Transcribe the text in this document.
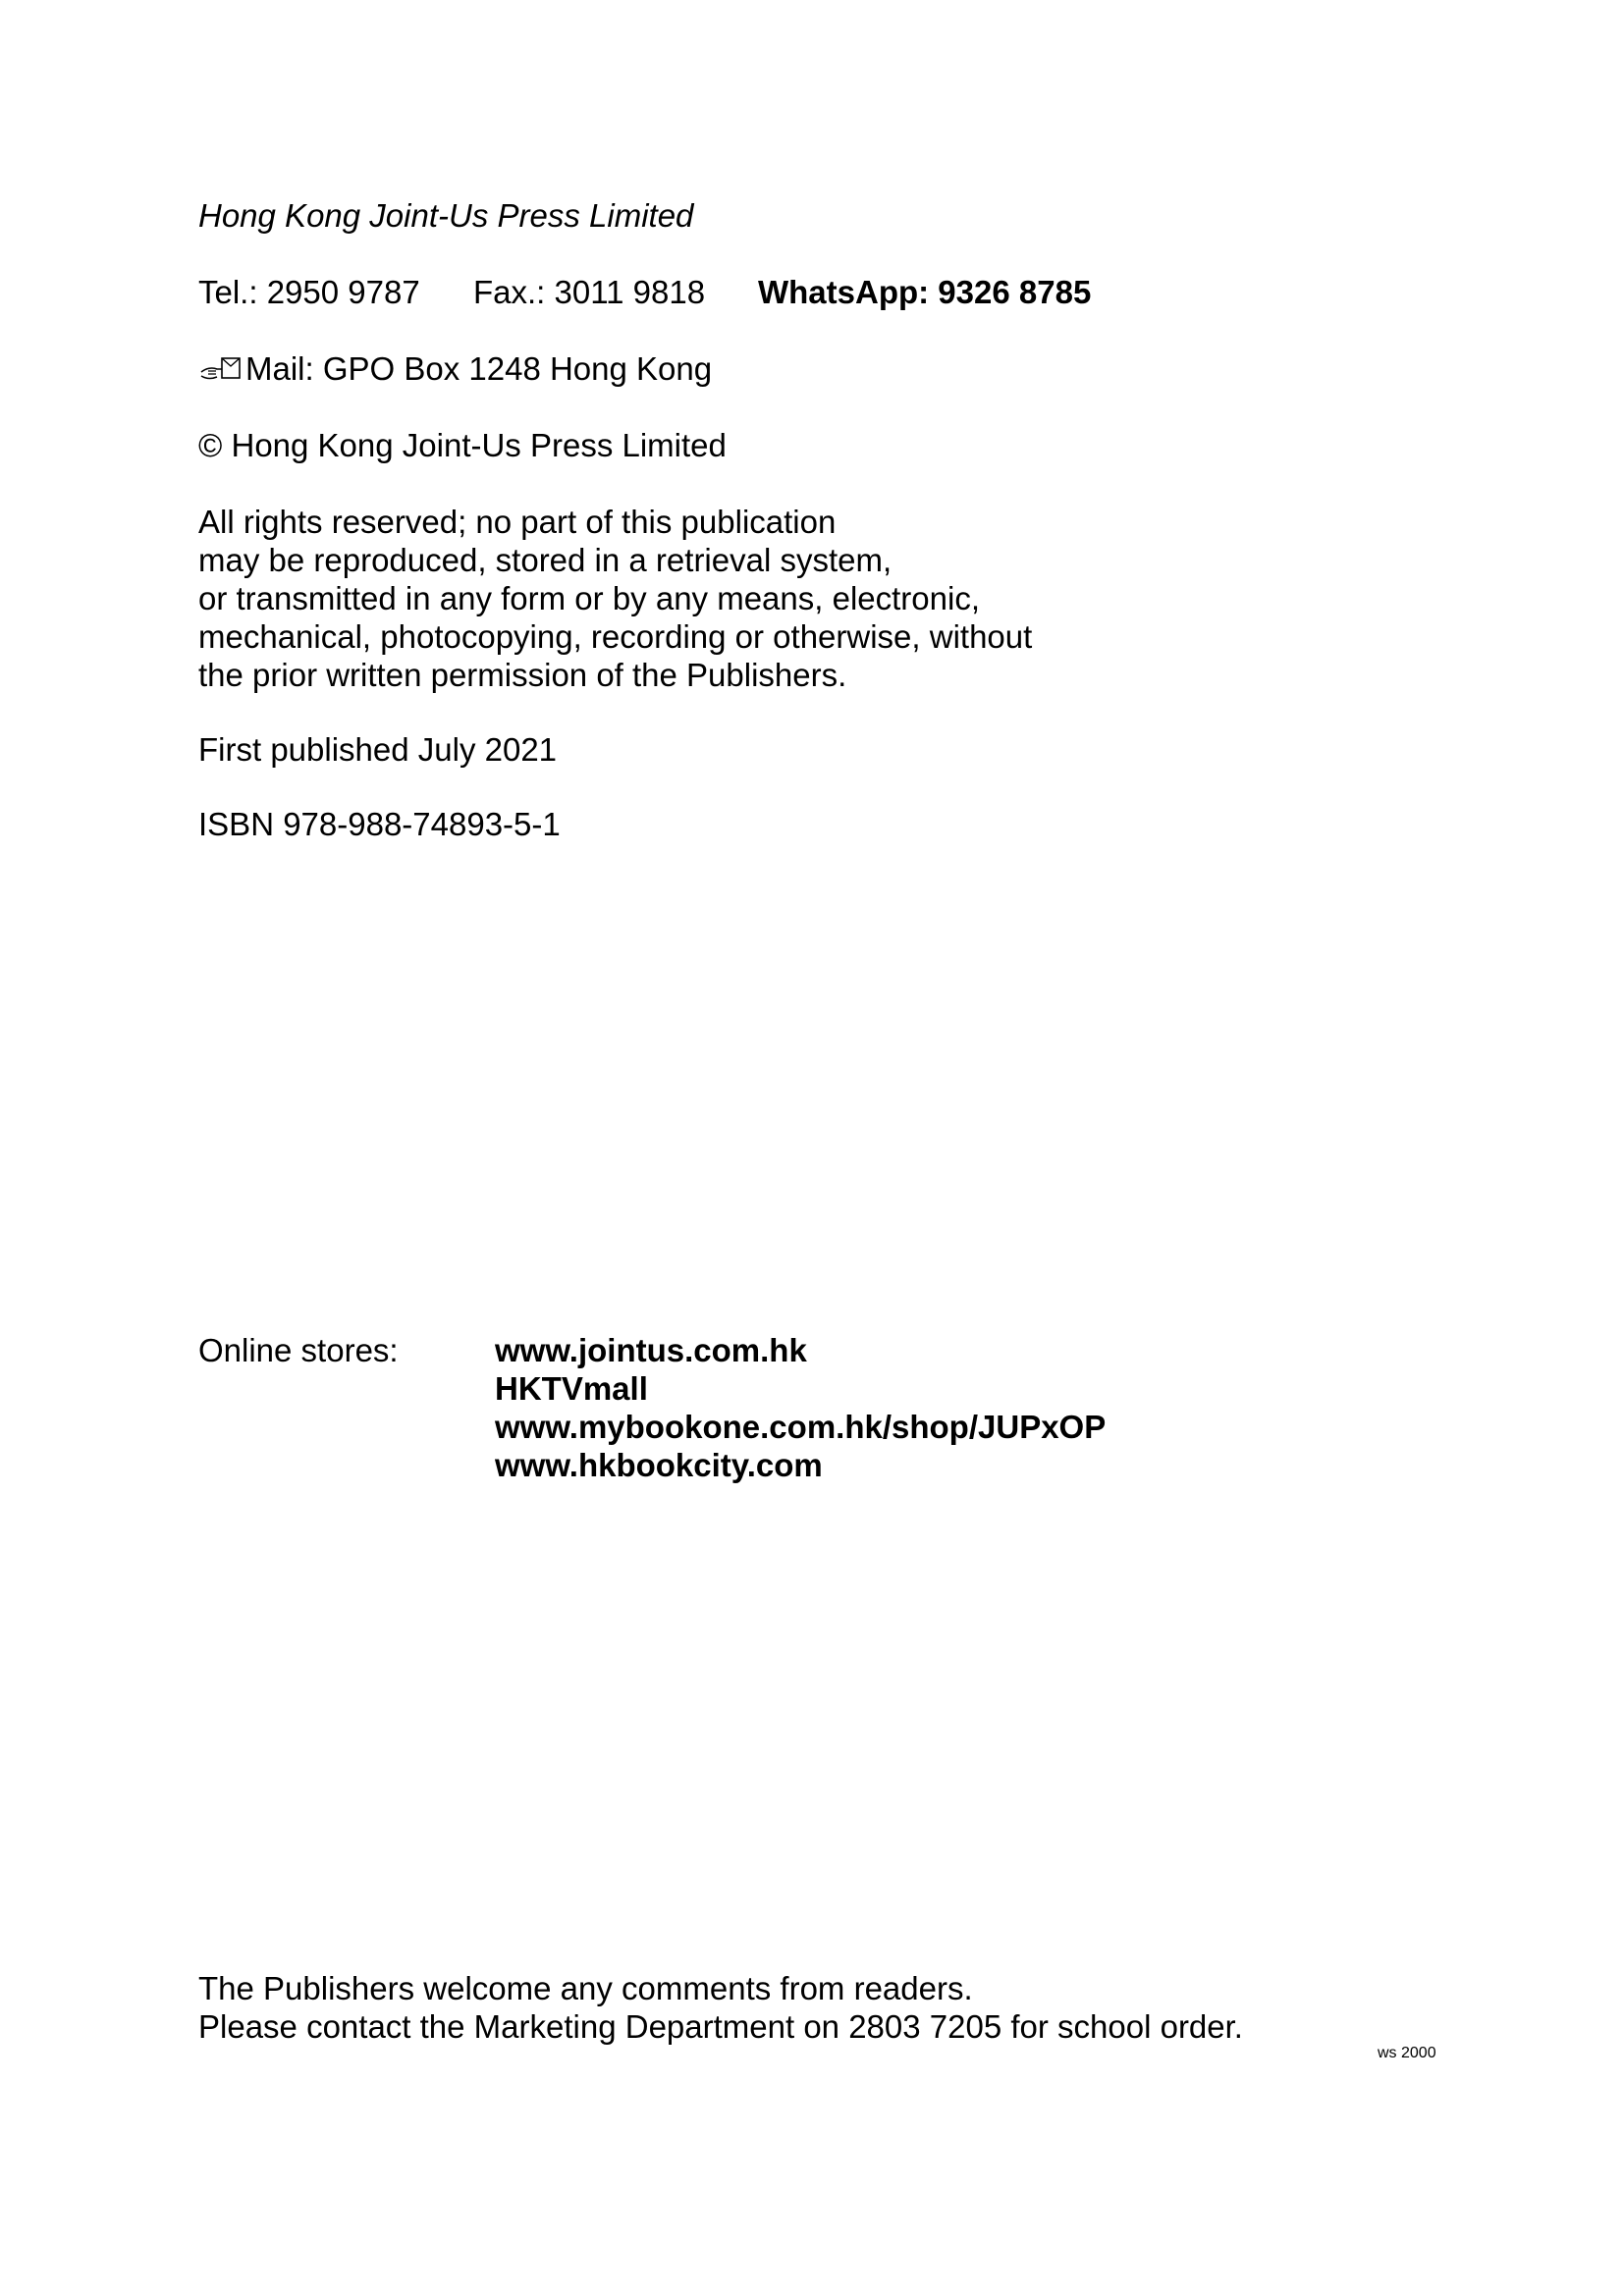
Hong Kong Joint-Us Press Limited
Tel.: 2950 9787 Fax.: 3011 9818 WhatsApp: 9326 8785
Mail: GPO Box 1248 Hong Kong
© Hong Kong Joint-Us Press Limited
All rights reserved; no part of this publication
may be reproduced, stored in a retrieval system,
or transmitted in any form or by any means, electronic,
mechanical, photocopying, recording or otherwise, without
the prior written permission of the Publishers.
First published July 2021
ISBN 978-988-74893-5-1
Online stores:	www.jointus.com.hk
HKTVmall
www.mybookone.com.hk/shop/JUPxOP
www.hkbookcity.com
The Publishers welcome any comments from readers.
Please contact the Marketing Department on 2803 7205 for school order.
ws 2000
